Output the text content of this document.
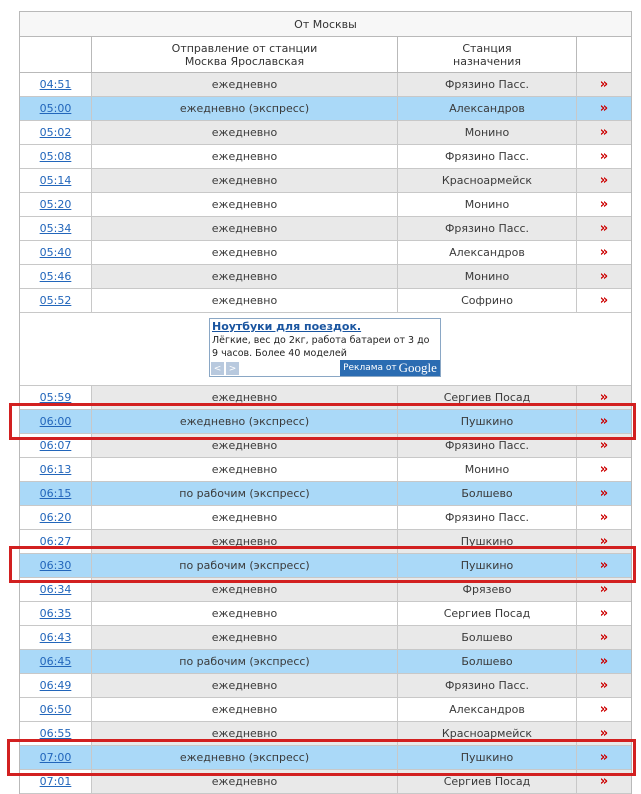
От Москвы
Отправление от станции
Москва Ярославская
Станция
назначения
04:51	ежедневно	Фрязино Пасс.	»
05:00	ежедневно (экспресс)	Александров	»
05:02	ежедневно	Монино	»
05:08	ежедневно	Фрязино Пасс.	»
05:14	ежедневно	Красноармейск	»
05:20	ежедневно	Монино	»
05:34	ежедневно	Фрязино Пасс.	»
05:40	ежедневно	Александров	»
05:46	ежедневно	Монино	»
05:52	ежедневно	Софрино	»
Ноутбуки для поездок.
Лёгкие, вес до 2кг, работа батареи от 3 до 9 часов. Более 40 моделей
< >	Реклама от Google
05:59	ежедневно	Сергиев Посад	»
06:00	ежедневно (экспресс)	Пушкино	»
06:07	ежедневно	Фрязино Пасс.	»
06:13	ежедневно	Монино	»
06:15	по рабочим (экспресс)	Болшево	»
06:20	ежедневно	Фрязино Пасс.	»
06:27	ежедневно	Пушкино	»
06:30	по рабочим (экспресс)	Пушкино	»
06:34	ежедневно	Фрязево	»
06:35	ежедневно	Сергиев Посад	»
06:43	ежедневно	Болшево	»
06:45	по рабочим (экспресс)	Болшево	»
06:49	ежедневно	Фрязино Пасс.	»
06:50	ежедневно	Александров	»
06:55	ежедневно	Красноармейск	»
07:00	ежедневно (экспресс)	Пушкино	»
07:01	ежедневно	Сергиев Посад	»
